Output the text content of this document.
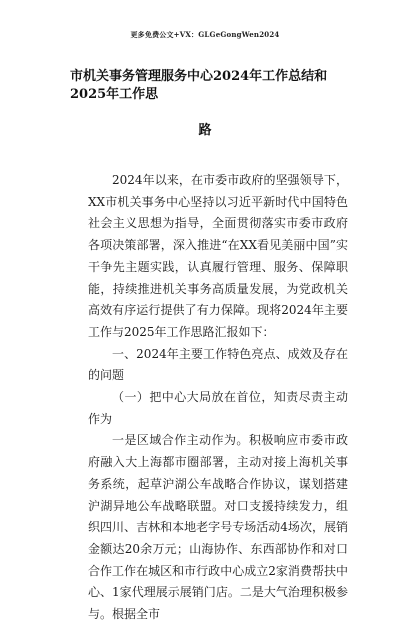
更多免费公文+VX：GLGeGongWen2024
市机关事务管理服务中心2024年工作总结和2025年工作思
路

2024年以来，在市委市政府的坚强领导下，XX市机关事务中心坚持以习近平新时代中国特色社会主义思想为指导，全面贯彻落实市委市政府各项决策部署，深入推进“在XX看见美丽中国”实干争先主题实践，认真履行管理、服务、保障职能，持续推进机关事务高质量发展，为党政机关高效有序运行提供了有力保障。现将2024年主要工作与2025年工作思路汇报如下：

一、2024年主要工作特色亮点、成效及存在的问题

（一）把中心大局放在首位，知责尽责主动作为

一是区域合作主动作为。积极响应市委市政府融入大上海都市圈部署，主动对接上海机关事务系统，起草沪湖公车战略合作协议，谋划搭建沪湖异地公车战略联盟。对口支援持续发力，组织四川、吉林和本地老字号专场活动4场次，展销金额达20余万元；山海协作、东西部协作和对口合作工作在城区和市行政中心成立2家消费帮扶中心、1家代理展示展销门店。二是大气治理积极参与。根据全市
